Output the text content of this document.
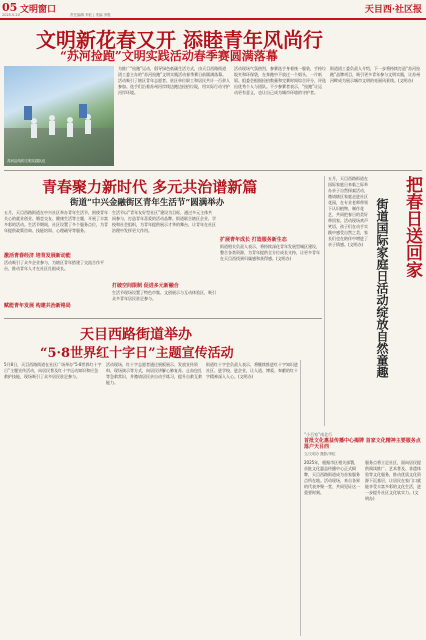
05 文明窗口
2025.5.20	责任编辑 李虹 | 美编 李胜	天目西·社区报
文明新花春又开 添睦青年风尚行
“苏河捡跑”文明实践活动春季赛圆满落幕
苏河沿线的文明实践队伍
为推广“捡跑”运动，倡导绿色低碳生活方式，由天目西路街道团工委主办的“苏河捡跑”文明实践活动春季赛日前圆满落幕。活动吸引了辖区青年志愿者、驻区单位职工和居民共计一百余人参加。选手们沿着苏州河岸线边跑边捡拾垃圾，用实际行动守护河岸环境。
活动现场气氛热烈，参赛选手身着统一服装，手持垃圾夹和环保袋，在奔跑中不放过一个烟头、一片纸屑。组委会根据捡拾数量和完赛时间综合评分，评选出优秀个人与团队。不少参赛者表示，“捡跑”让运动更有意义，也让自己成为城市环境的守护者。
街道团工委负责人介绍，下一步将持续打造“苏河捡跑”品牌项目，吸引更多青年参与文明实践，让苏州河畔成为展示城市文明的亮丽风景线。(文明办)
青春聚力新时代 多元共治谱新篇
街道“中兴金融街区青年生活节”圆满举办
五月，天目西路街道在中兴社区举办青年生活节，围绕青年关心的就业创业、婚恋交友、健康生活等主题，开展了丰富多彩的活动。生活节期间，社区设置了多个服务点位，为青年提供政策咨询、技能培训、心理疏导等服务。
激活青春经济 培育发展新动能
活动吸引了众多企业参与，为辖区青年搭建了交流合作平台，推动青年人才在社区扎根成长。
赋能青年发展 构建共治新格局
生活节以“青年友好型社区”建设为目标，通过多元主体共同参与，打造青年喜爱的活动品牌。街道联合辖区企业、学校和社会组织，为青年提供展示才华的舞台，让青年在社区治理中发挥更大作用。
打破空间限制 促进多元新融合
生活节现场设置了特色市集、文创展示与互动体验区，吸引众多青年居民驻足参与。
扩展青年成长 打造服务新生态
街道相关负责人表示，将持续深化青年发展型城区建设，整合各类资源，为青年提供全方位成长支持，让更多青年在天目西找到归属感和获得感。(文明办)
五月，天目西路街道在国际家庭日来临之际举办亲子自然探索活动，邀请辖区家庭走进社区花园，在专业老师带领下认识植物、制作花艺，共同把春日的美好带回家。活动现场欢声笑语，孩子们在动手实践中感受自然之美，家长们也在陪伴中增进了亲子情感。(文明办) 把春日送回家
街道国际家庭日活动绽放自然童趣
天目西路街道举办
“5·8世界红十字日”主题宣传活动
5月8日，天目西路街道在社区广场举办“5·8世界红十字日”主题宣传活动，向居民普及红十字运动知识和应急救护技能，现场吸引了众多居民驻足参与。
活动现场，红十字志愿者通过展板展示、发放宣传资料、现场演示等方式，向居民讲解心肺复苏、止血包扎等急救常识，并邀请居民亲自动手练习，提升自救互救能力。
街道红十字会负责人表示，将继续推进红十字知识进社区、进学校、进企业，让人道、博爱、奉献的红十字精神深入人心。(文明办)
“小百家”南北行
首批文化惠益传播中心揭牌 首家文化精神主要服务点落户天目西
文/文明办 摄影/李虹
2025年，根据市区相关部署，首批文化惠益传播中心正式揭牌，天目西路街道成为首家服务点所在地。活动现场，来自各界的代表齐聚一堂，共同见证这一重要时刻。
服务点将立足社区，面向居民提供阅读推广、艺术普及、非遗体验等文化服务，推动优质文化资源下沉基层，让居民在家门口就能享受丰富多彩的文化生活，进一步提升社区文化软实力。(文明办)
